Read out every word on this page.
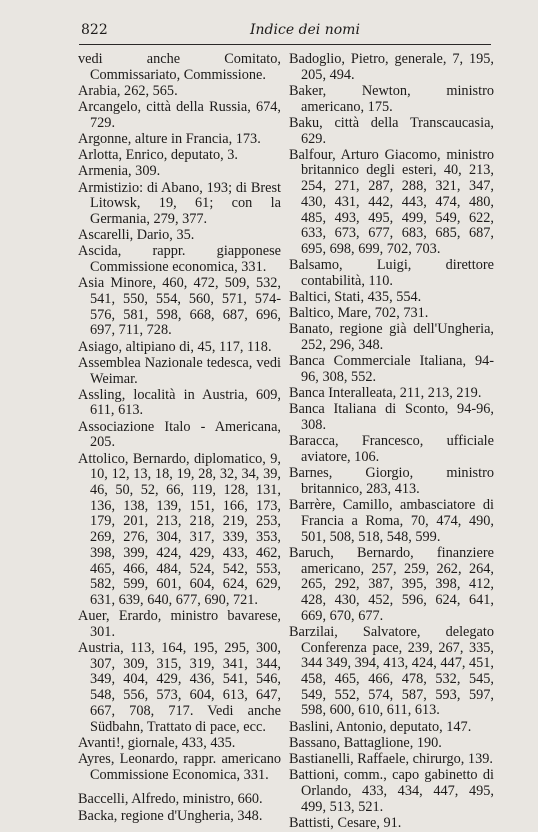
822	Indice dei nomi

vedi anche Comitato, Commissariato, Commissione.

Arabia, 262, 565.

Arcangelo, città della Russia, 674, 729.

Argonne, alture in Francia, 173.

Arlotta, Enrico, deputato, 3.

Armenia, 309.

Armistizio: di Abano, 193; di Brest Litowsk, 19, 61; con la Germania, 279, 377.

Ascarelli, Dario, 35.

Ascida, rappr. giapponese Commissione economica, 331.

Asia Minore, 460, 472, 509, 532, 541, 550, 554, 560, 571, 574-576, 581, 598, 668, 687, 696, 697, 711, 728.

Asiago, altipiano di, 45, 117, 118.

Assemblea Nazionale tedesca, vedi Weimar.

Assling, località in Austria, 609, 611, 613.

Associazione Italo - Americana, 205.

Attolico, Bernardo, diplomatico, 9, 10, 12, 13, 18, 19, 28, 32, 34, 39, 46, 50, 52, 66, 119, 128, 131, 136, 138, 139, 151, 166, 173, 179, 201, 213, 218, 219, 253, 269, 276, 304, 317, 339, 353, 398, 399, 424, 429, 433, 462, 465, 466, 484, 524, 542, 553, 582, 599, 601, 604, 624, 629, 631, 639, 640, 677, 690, 721.

Auer, Erardo, ministro bavarese, 301.

Austria, 113, 164, 195, 295, 300, 307, 309, 315, 319, 341, 344, 349, 404, 429, 436, 541, 546, 548, 556, 573, 604, 613, 647, 667, 708, 717. Vedi anche Südbahn, Trattato di pace, ecc.

Avanti!, giornale, 433, 435.

Ayres, Leonardo, rappr. americano Commissione Economica, 331.

Baccelli, Alfredo, ministro, 660.

Backa, regione d'Ungheria, 348.

Badoglio, Pietro, generale, 7, 195, 205, 494.

Baker, Newton, ministro americano, 175.

Baku, città della Transcaucasia, 629.

Balfour, Arturo Giacomo, ministro britannico degli esteri, 40, 213, 254, 271, 287, 288, 321, 347, 430, 431, 442, 443, 474, 480, 485, 493, 495, 499, 549, 622, 633, 673, 677, 683, 685, 687, 695, 698, 699, 702, 703.

Balsamo, Luigi, direttore contabilità, 110.

Baltici, Stati, 435, 554.

Baltico, Mare, 702, 731.

Banato, regione già dell'Ungheria, 252, 296, 348.

Banca Commerciale Italiana, 94-96, 308, 552.

Banca Interalleata, 211, 213, 219.

Banca Italiana di Sconto, 94-96, 308.

Baracca, Francesco, ufficiale aviatore, 106.

Barnes, Giorgio, ministro britannico, 283, 413.

Barrère, Camillo, ambasciatore di Francia a Roma, 70, 474, 490, 501, 508, 518, 548, 599.

Baruch, Bernardo, finanziere americano, 257, 259, 262, 264, 265, 292, 387, 395, 398, 412, 428, 430, 452, 596, 624, 641, 669, 670, 677.

Barzilai, Salvatore, delegato Conferenza pace, 239, 267, 335, 344 349, 394, 413, 424, 447, 451, 458, 465, 466, 478, 532, 545, 549, 552, 574, 587, 593, 597, 598, 600, 610, 611, 613.

Baslini, Antonio, deputato, 147.

Bassano, Battaglione, 190.

Bastianelli, Raffaele, chirurgo, 139.

Battioni, comm., capo gabinetto di Orlando, 433, 434, 447, 495, 499, 513, 521.

Battisti, Cesare, 91.
